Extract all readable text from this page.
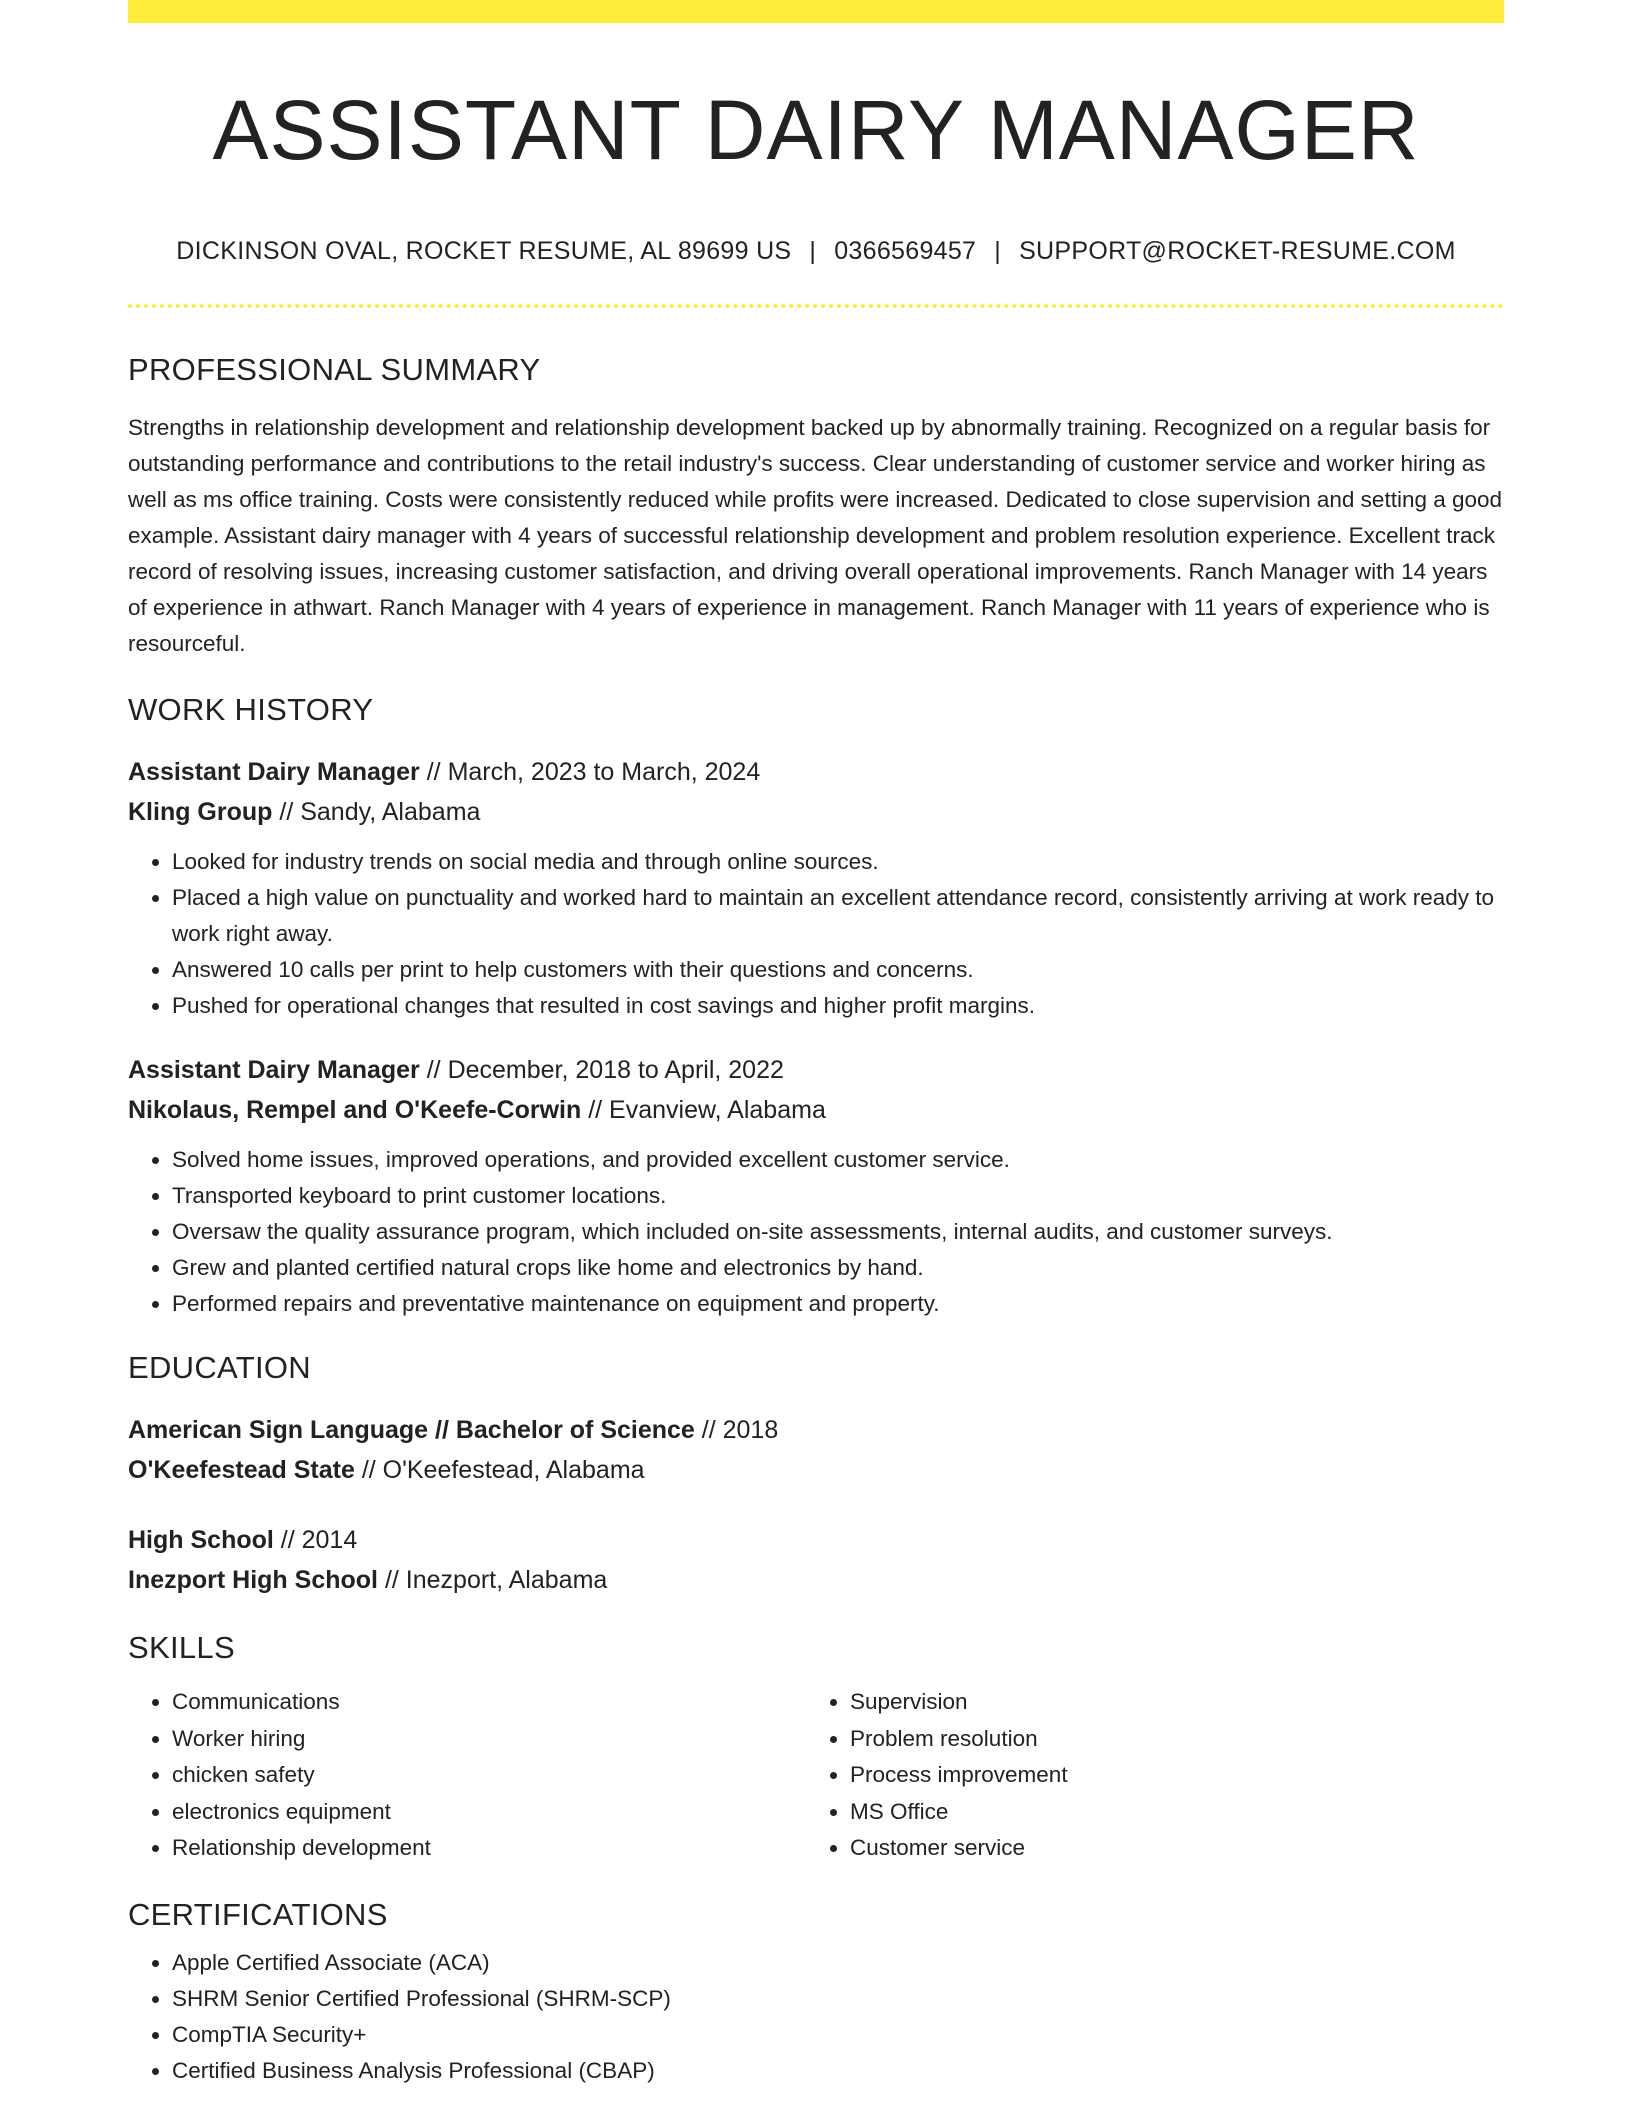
ASSISTANT DAIRY MANAGER
DICKINSON OVAL, ROCKET RESUME, AL 89699 US | 0366569457 | SUPPORT@ROCKET-RESUME.COM
PROFESSIONAL SUMMARY

Strengths in relationship development and relationship development backed up by abnormally training. Recognized on a regular basis for outstanding performance and contributions to the retail industry's success. Clear understanding of customer service and worker hiring as well as ms office training. Costs were consistently reduced while profits were increased. Dedicated to close supervision and setting a good example. Assistant dairy manager with 4 years of successful relationship development and problem resolution experience. Excellent track record of resolving issues, increasing customer satisfaction, and driving overall operational improvements. Ranch Manager with 14 years of experience in athwart. Ranch Manager with 4 years of experience in management. Ranch Manager with 11 years of experience who is resourceful.

WORK HISTORY
Assistant Dairy Manager // March, 2023 to March, 2024
Kling Group // Sandy, Alabama
• Looked for industry trends on social media and through online sources.
• Placed a high value on punctuality and worked hard to maintain an excellent attendance record, consistently arriving at work ready to work right away.
• Answered 10 calls per print to help customers with their questions and concerns.
• Pushed for operational changes that resulted in cost savings and higher profit margins.
Assistant Dairy Manager // December, 2018 to April, 2022
Nikolaus, Rempel and O'Keefe-Corwin // Evanview, Alabama
• Solved home issues, improved operations, and provided excellent customer service.
• Transported keyboard to print customer locations.
• Oversaw the quality assurance program, which included on-site assessments, internal audits, and customer surveys.
• Grew and planted certified natural crops like home and electronics by hand.
• Performed repairs and preventative maintenance on equipment and property.
EDUCATION
American Sign Language // Bachelor of Science // 2018
O'Keefestead State // O'Keefestead, Alabama
High School // 2014
Inezport High School // Inezport, Alabama
SKILLS
• Communications
• Worker hiring
• chicken safety
• electronics equipment
• Relationship development
• Supervision
• Problem resolution
• Process improvement
• MS Office
• Customer service
CERTIFICATIONS
• Apple Certified Associate (ACA)
• SHRM Senior Certified Professional (SHRM-SCP)
• CompTIA Security+
• Certified Business Analysis Professional (CBAP)
